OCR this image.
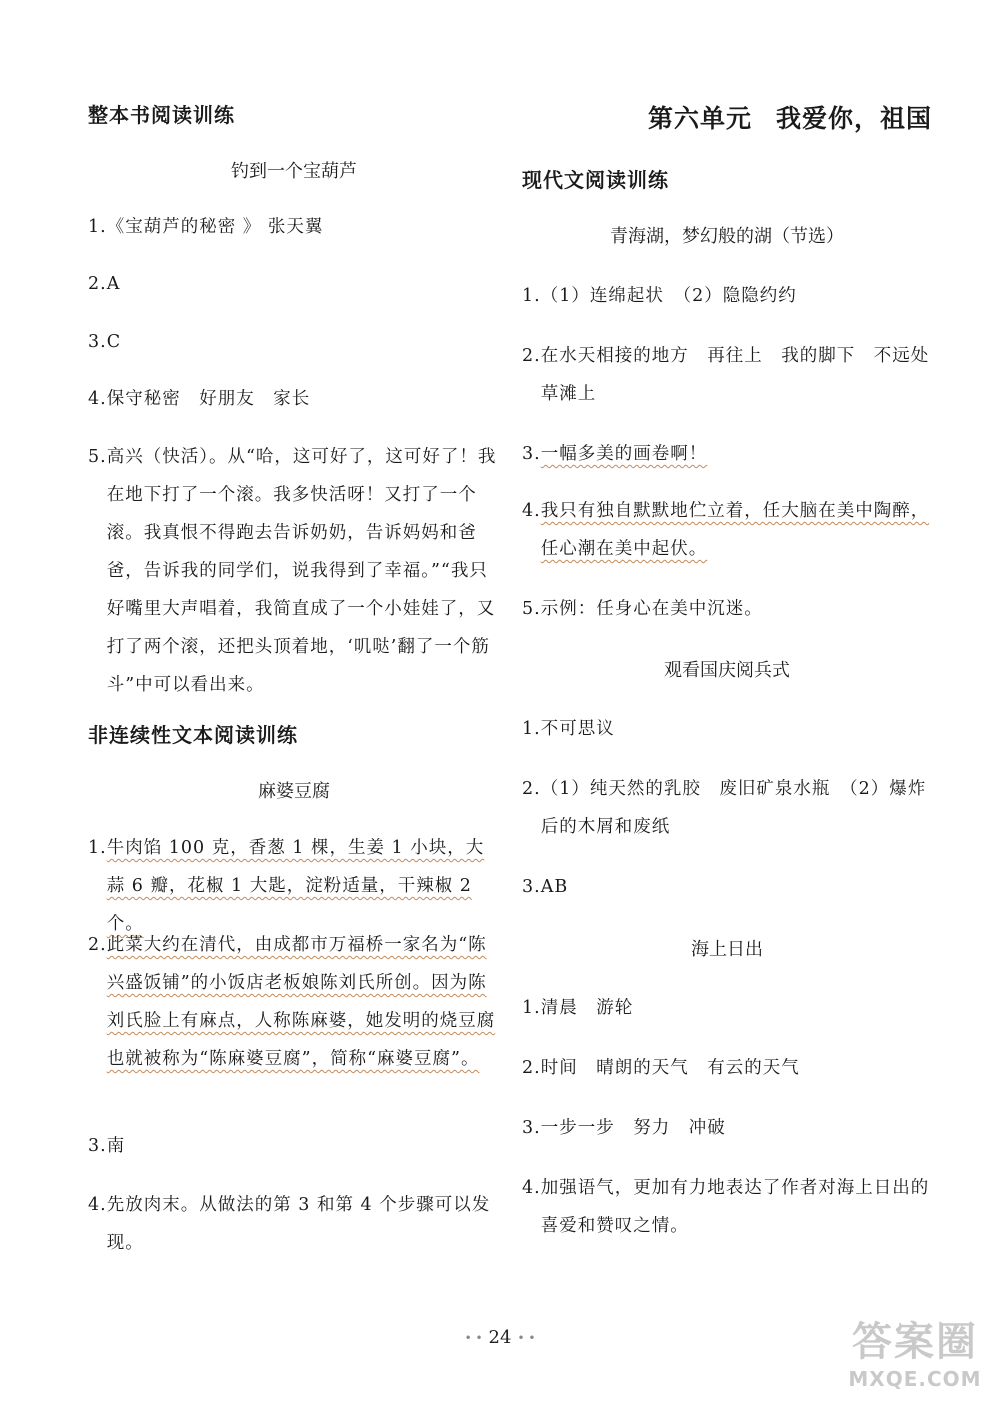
整本书阅读训练
钓到一个宝葫芦
1. 《宝葫芦的秘密 》 张天翼
2. A
3. C
4. 保守秘密　好朋友　家长
5. 高兴（快活）。从“哈，这可好了，这可好了！我在地下打了一个滚。我多快活呀！又打了一个滚。我真恨不得跑去告诉奶奶，告诉妈妈和爸爸，告诉我的同学们，说我得到了幸福。”“我只好嘴里大声唱着，我简直成了一个小娃娃了，又打了两个滚，还把头顶着地，‘叽哒’翻了一个筋斗”中可以看出来。
非连续性文本阅读训练
麻婆豆腐
1. 牛肉馅 100 克，香葱 1 棵，生姜 1 小块，大蒜 6 瓣，花椒 1 大匙，淀粉适量，干辣椒 2 个。
2. 此菜大约在清代，由成都市万福桥一家名为“陈兴盛饭铺”的小饭店老板娘陈刘氏所创。因为陈刘氏脸上有麻点，人称陈麻婆，她发明的烧豆腐也就被称为“陈麻婆豆腐”，简称“麻婆豆腐”。
3. 南
4. 先放肉末。从做法的第 3 和第 4 个步骤可以发现。
第六单元 我爱你，祖国
现代文阅读训练
青海湖，梦幻般的湖（节选）
1. （1）连绵起状　（2）隐隐约约
2. 在水天相接的地方　再往上　我的脚下　不远处　草滩上
3. 一幅多美的画卷啊！
4. 我只有独自默默地伫立着，任大脑在美中陶醉，任心潮在美中起伏。
5. 示例：任身心在美中沉迷。
观看国庆阅兵式
1. 不可思议
2. （1）纯天然的乳胶　废旧矿泉水瓶　（2）爆炸后的木屑和废纸
3. AB
海上日出
1. 清晨　游轮
2. 时间　晴朗的天气　有云的天气
3. 一步一步　努力　冲破
4. 加强语气，更加有力地表达了作者对海上日出的喜爱和赞叹之情。
• • 24 • •	答案圈
MXQE.COM
